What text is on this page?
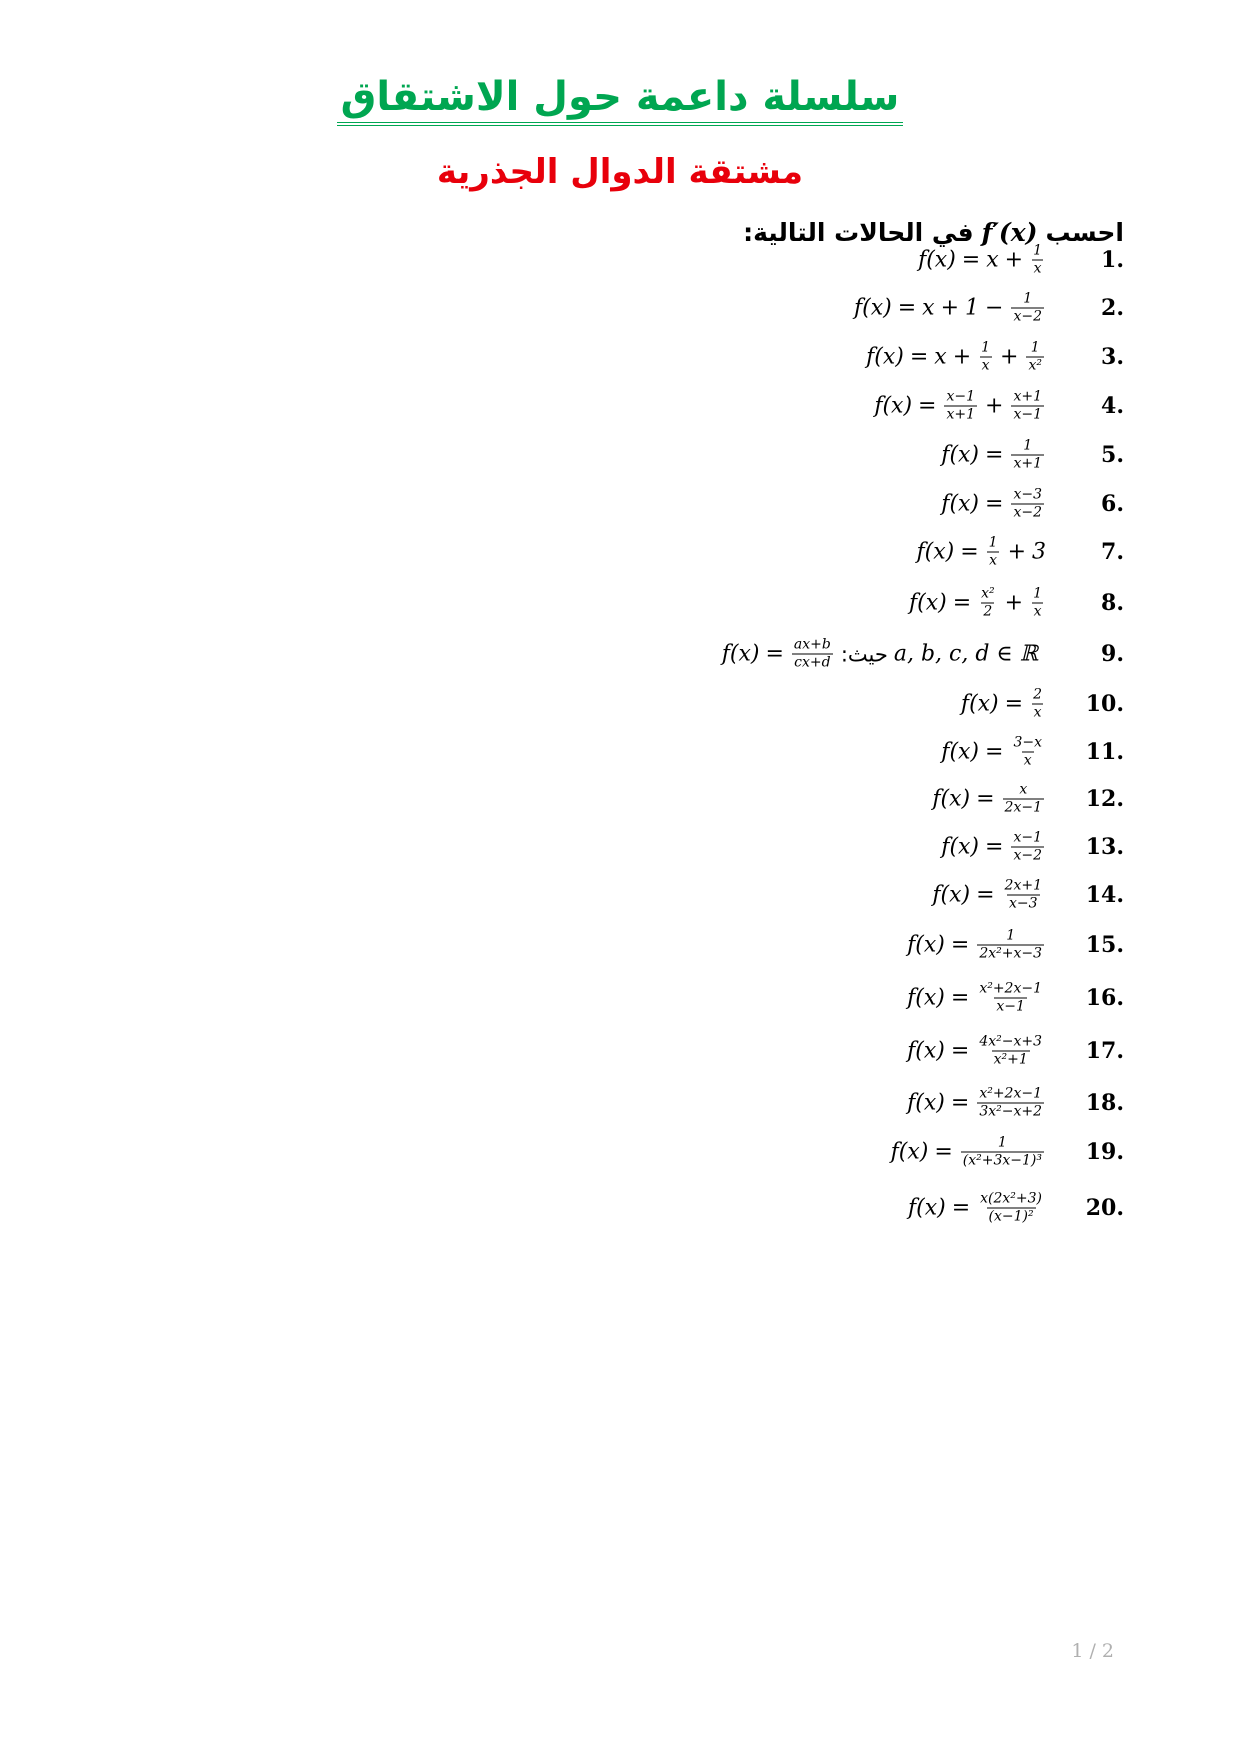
سلسلة داعمة حول الاشتقاق
مشتقة الدوال الجذرية
احسبf′(x)في الحالات التالية:
.1
$f(x) = x + \frac{1}{x}$
.2
$f(x) = x + 1 - \frac{1}{x-2}$
.3
$f(x) = x + \frac{1}{x} + \frac{1}{\text{x²}}$
.4
$f(x) = \frac{x-1}{x+1} + \frac{x+1}{x-1}$
.5
$f(x) = \frac{1}{x+1}$
.6
$f(x) = \frac{x-3}{x-2}$
.7
$f(x) = \frac{1}{x} + 3$
.8
$f(x) = \frac{\text{x²}}{2} + \frac{1}{x}$
.9
$f(x) = \frac{ax+b}{cx+d}$ حيث: a, b, c, d ∈ ℝ
.10
$f(x) = \frac{2}{x}$
.11
$f(x) = \frac{3-x}{x}$
.12
$f(x) = \frac{x}{2x-1}$
.13
$f(x) = \frac{x-1}{x-2}$
.14
$f(x) = \frac{2x+1}{x-3}$
.15
$f(x) = \frac{1}{\text{2x²+x−3}}$
.16
$f(x) = \frac{\text{x²+2x−1}}{x-1}$
.17
$f(x) = \frac{\text{4x²−x+3}}{\text{x²+1}}$
.18
$f(x) = \frac{\text{x²+2x−1}}{\text{3x²−x+2}}$
.19
$f(x) = \frac{1}{\text{(x²+3x−1)³}}$
.20
$f(x) = \frac{\text{x(2x²+3)}}{\text{(x−1)²}}$
1 / 2
